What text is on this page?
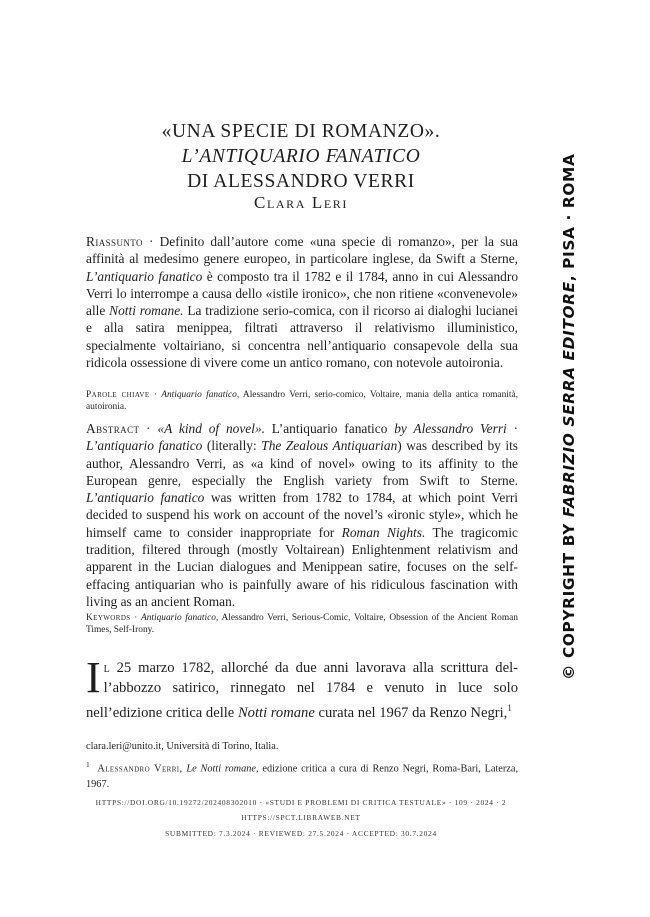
«UNA SPECIE DI ROMANZO».
L’ANTIQUARIO FANATICO
DI ALESSANDRO VERRI
Clara Leri
Riassunto · Definito dall’autore come «una specie di romanzo», per la sua affinità al medesimo genere europeo, in particolare inglese, da Swift a Sterne, L’antiquario fanatico è composto tra il 1782 e il 1784, anno in cui Alessandro Verri lo interrompe a causa dello «istile ironico», che non ritiene «convenevole» alle Notti romane. La tradizione serio-comica, con il ricorso ai dialoghi lucianei e alla satira menippea, filtrati attraverso il relativismo illuministico, specialmente voltairiano, si concentra nell’antiquario consapevole della sua ridicola ossessione di vivere come un antico romano, con notevole autoironia.
Parole chiave · Antiquario fanatico, Alessandro Verri, serio-comico, Voltaire, mania della antica romanità, autoironia.
Abstract · «A kind of novel». L’antiquario fanatico by Alessandro Verri · L’antiquario fanatico (literally: The Zealous Antiquarian) was described by its author, Alessandro Verri, as «a kind of novel» owing to its affinity to the European genre, especially the English variety from Swift to Sterne. L’antiquario fanatico was written from 1782 to 1784, at which point Verri decided to suspend his work on account of the novel’s «ironic style», which he himself came to consider inappropriate for Roman Nights. The tragicomic tradition, filtered through (mostly Voltairean) Enlightenment relativism and apparent in the Lucian dialogues and Menippean satire, focuses on the self-effacing antiquarian who is painfully aware of his ridiculous fascination with living as an ancient Roman.
Keywords · Antiquario fanatico, Alessandro Verri, Serious-Comic, Voltaire, Obsession of the Ancient Roman Times, Self-Irony.
Il 25 marzo 1782, allorché da due anni lavorava alla scrittura del-l’abbozzo satirico, rinnegato nel 1784 e venuto in luce solo nell’edizione critica delle Notti romane curata nel 1967 da Renzo Negri,$^1$
clara.leri@unito.it, Università di Torino, Italia.
$^1$ Alessandro Verri, Le Notti romane, edizione critica a cura di Renzo Negri, Roma-Bari, Laterza, 1967.
HTTPS://DOI.ORG/10.19272/202408302010 · «STUDI E PROBLEMI DI CRITICA TESTUALE» · 109 · 2024 · 2
HTTPS://SPCT.LIBRAWEB.NET
SUBMITTED: 7.3.2024 · REVIEWED: 27.5.2024 · ACCEPTED: 30.7.2024
© COPYRIGHT BY FABRIZIO SERRA EDITORE, PISA · ROMA
